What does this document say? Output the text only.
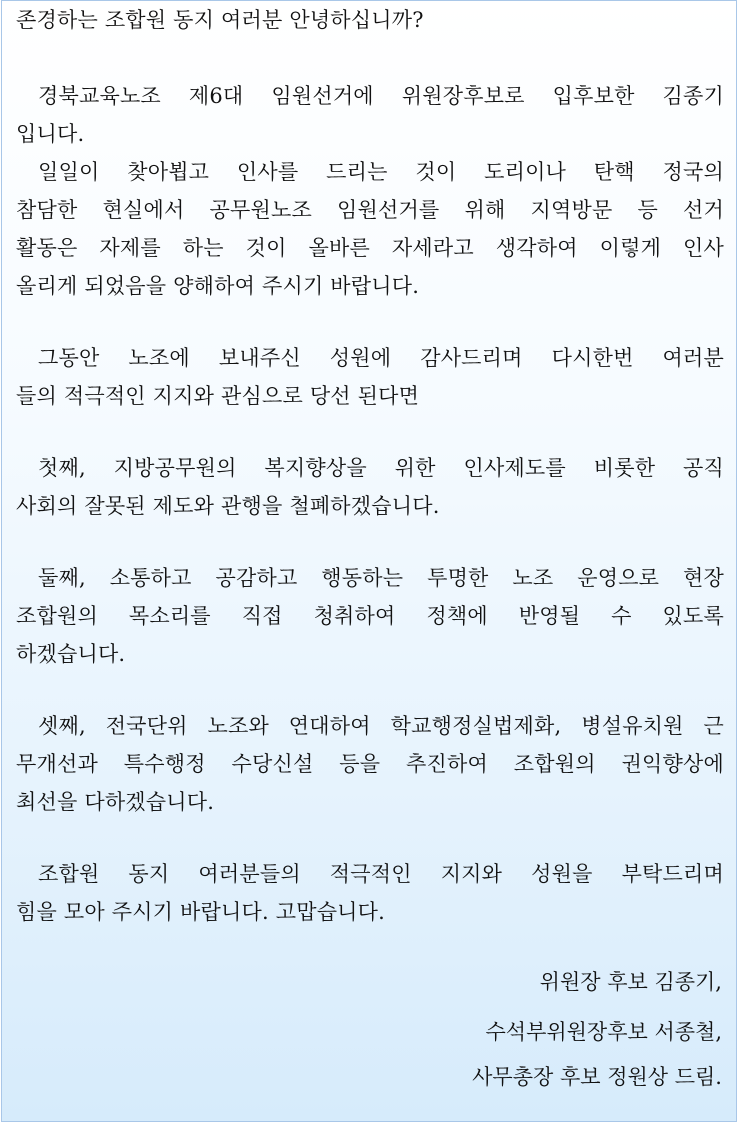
존경하는 조합원 동지 여러분 안녕하십니까?
경북교육노조 제6대 임원선거에 위원장후보로 입후보한 김종기
입니다.
일일이 찾아뵙고 인사를 드리는 것이 도리이나 탄핵 정국의
참담한 현실에서 공무원노조 임원선거를 위해 지역방문 등 선거
활동은 자제를 하는 것이 올바른 자세라고 생각하여 이렇게 인사
올리게 되었음을 양해하여 주시기 바랍니다.
그동안 노조에 보내주신 성원에 감사드리며 다시한번 여러분
들의 적극적인 지지와 관심으로 당선 된다면
첫째, 지방공무원의 복지향상을 위한 인사제도를 비롯한 공직
사회의 잘못된 제도와 관행을 철폐하겠습니다.
둘째, 소통하고 공감하고 행동하는 투명한 노조 운영으로 현장
조합원의 목소리를 직접 청취하여 정책에 반영될 수 있도록
하겠습니다.
셋째, 전국단위 노조와 연대하여 학교행정실법제화, 병설유치원 근
무개선과 특수행정 수당신설 등을 추진하여 조합원의 권익향상에
최선을 다하겠습니다.
조합원 동지 여러분들의 적극적인 지지와 성원을 부탁드리며
힘을 모아 주시기 바랍니다. 고맙습니다.
위원장 후보 김종기,
수석부위원장후보 서종철,
사무총장 후보 정원상 드림.
